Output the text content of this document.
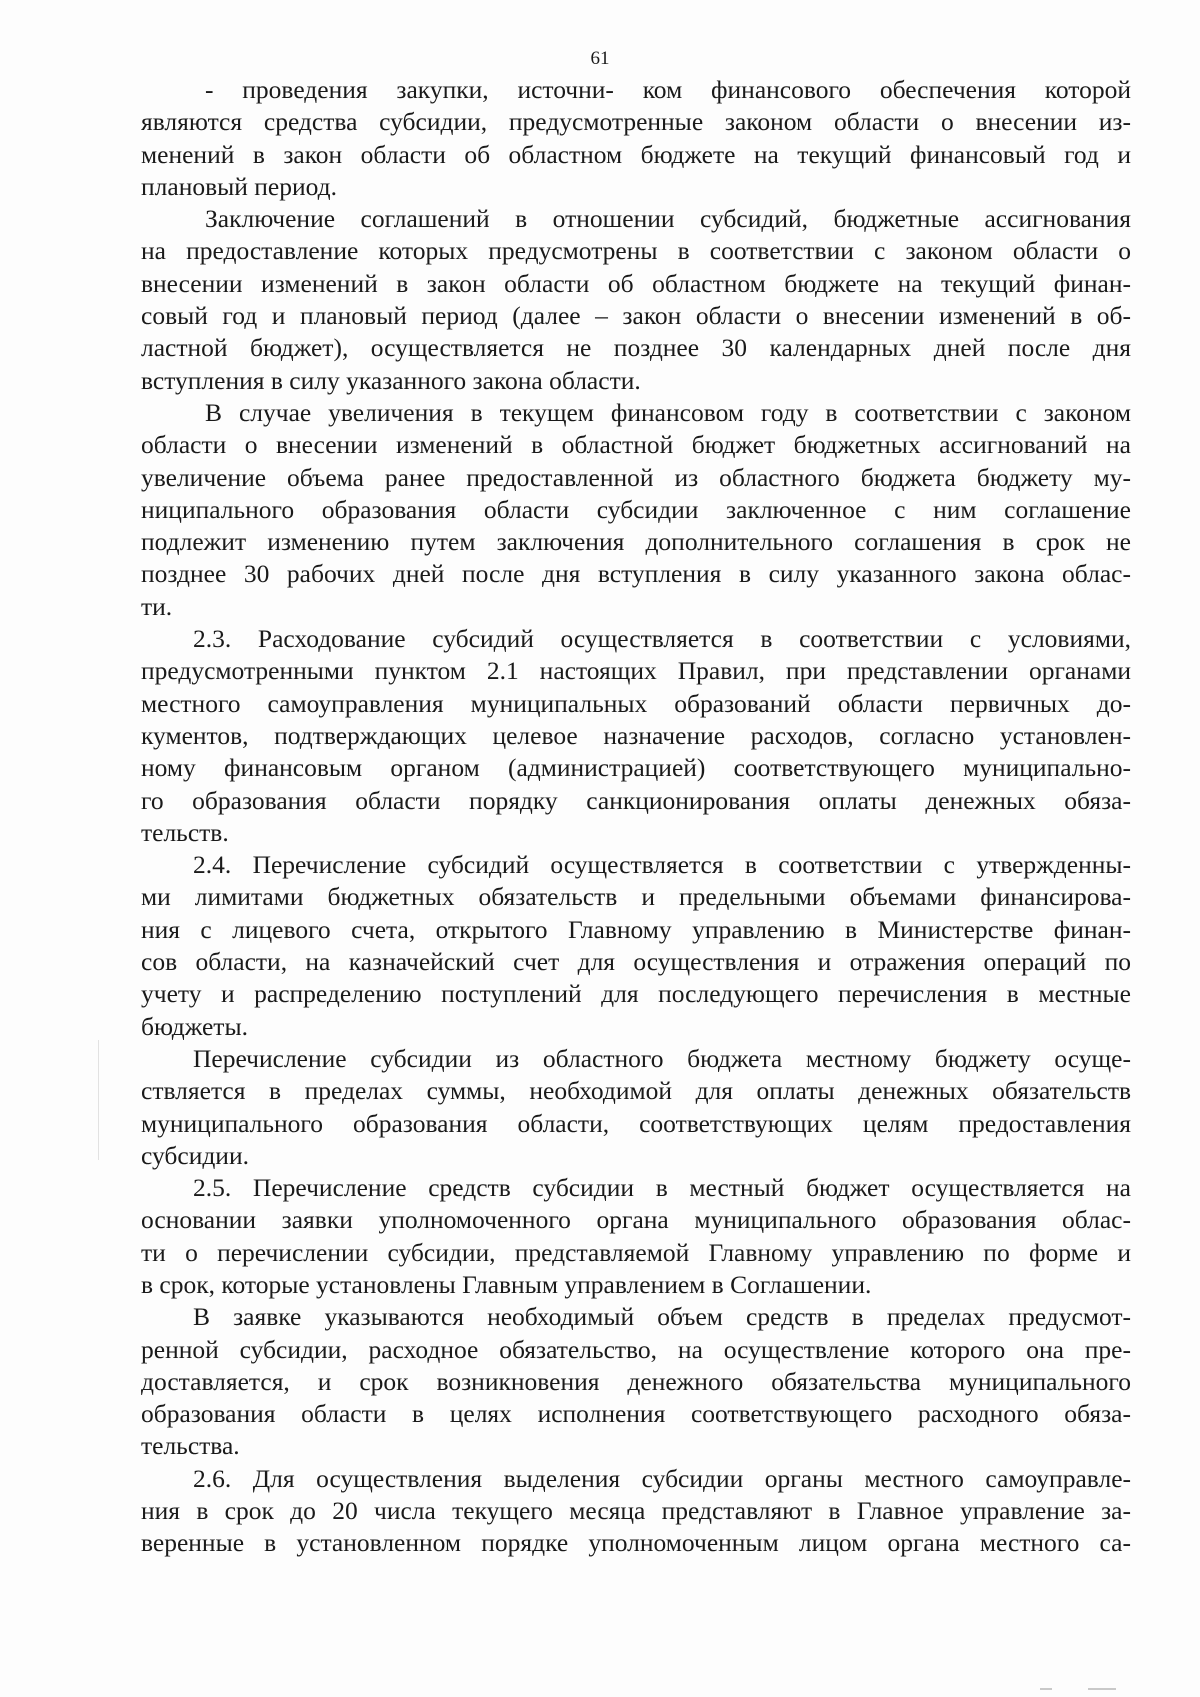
61
- проведения закупки, источни- ком финансового обеспечения которой
являются средства субсидии, предусмотренные законом области о внесении из-
менений в закон области об областном бюджете на текущий финансовый год и
плановый период.
Заключение соглашений в отношении субсидий, бюджетные ассигнования
на предоставление которых предусмотрены в соответствии с законом области о
внесении изменений в закон области об областном бюджете на текущий финан-
совый год и плановый период (далее – закон области о внесении изменений в об-
ластной бюджет), осуществляется не позднее 30 календарных дней после дня
вступления в силу указанного закона области.
В случае увеличения в текущем финансовом году в соответствии с законом
области о внесении изменений в областной бюджет бюджетных ассигнований на
увеличение объема ранее предоставленной из областного бюджета бюджету му-
ниципального образования области субсидии заключенное с ним соглашение
подлежит изменению путем заключения дополнительного соглашения в срок не
позднее 30 рабочих дней после дня вступления в силу указанного закона облас-
ти.
2.3. Расходование субсидий осуществляется в соответствии с условиями,
предусмотренными пунктом 2.1 настоящих Правил, при представлении органами
местного самоуправления муниципальных образований области первичных до-
кументов, подтверждающих целевое назначение расходов, согласно установлен-
ному финансовым органом (администрацией) соответствующего муниципально-
го образования области порядку санкционирования оплаты денежных обяза-
тельств.
2.4. Перечисление субсидий осуществляется в соответствии с утвержденны-
ми лимитами бюджетных обязательств и предельными объемами финансирова-
ния с лицевого счета, открытого Главному управлению в Министерстве финан-
сов области, на казначейский счет для осуществления и отражения операций по
учету и распределению поступлений для последующего перечисления в местные
бюджеты.
Перечисление субсидии из областного бюджета местному бюджету осуще-
ствляется в пределах суммы, необходимой для оплаты денежных обязательств
муниципального образования области, соответствующих целям предоставления
субсидии.
2.5. Перечисление средств субсидии в местный бюджет осуществляется на
основании заявки уполномоченного органа муниципального образования облас-
ти о перечислении субсидии, представляемой Главному управлению по форме и
в срок, которые установлены Главным управлением в Соглашении.
В заявке указываются необходимый объем средств в пределах предусмот-
ренной субсидии, расходное обязательство, на осуществление которого она пре-
доставляется, и срок возникновения денежного обязательства муниципального
образования области в целях исполнения соответствующего расходного обяза-
тельства.
2.6. Для осуществления выделения субсидии органы местного самоуправле-
ния в срок до 20 числа текущего месяца представляют в Главное управление за-
веренные в установленном порядке уполномоченным лицом органа местного са-
